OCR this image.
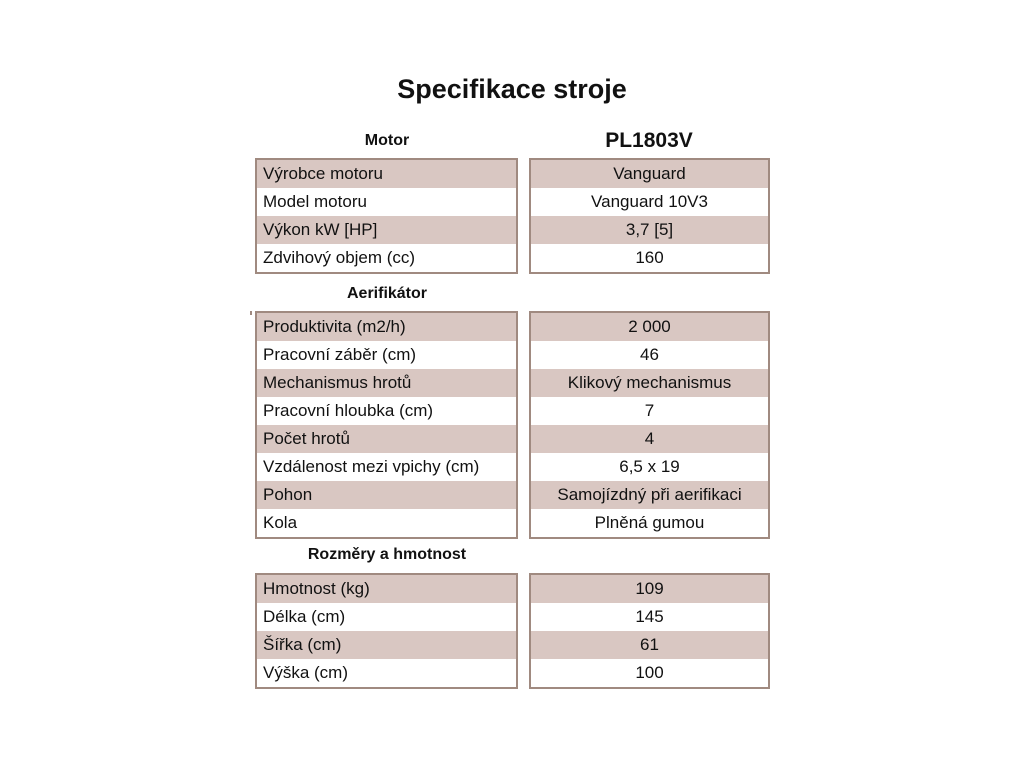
Specifikace stroje
Motor	PL1803V
Výrobce motoru
Model motoru
Výkon kW [HP]
Zdvihový objem (cc)
Vanguard
Vanguard 10V3
3,7 [5]
160
Aerifikátor
Produktivita (m2/h)
Pracovní záběr (cm)
Mechanismus hrotů
Pracovní hloubka (cm)
Počet hrotů
Vzdálenost mezi vpichy (cm)
Pohon
Kola
2 000
46
Klikový mechanismus
7
4
6,5 x 19
Samojízdný při aerifikaci
Plněná gumou
Rozměry a hmotnost
Hmotnost (kg)
Délka (cm)
Šířka (cm)
Výška (cm)
109
145
61
100
